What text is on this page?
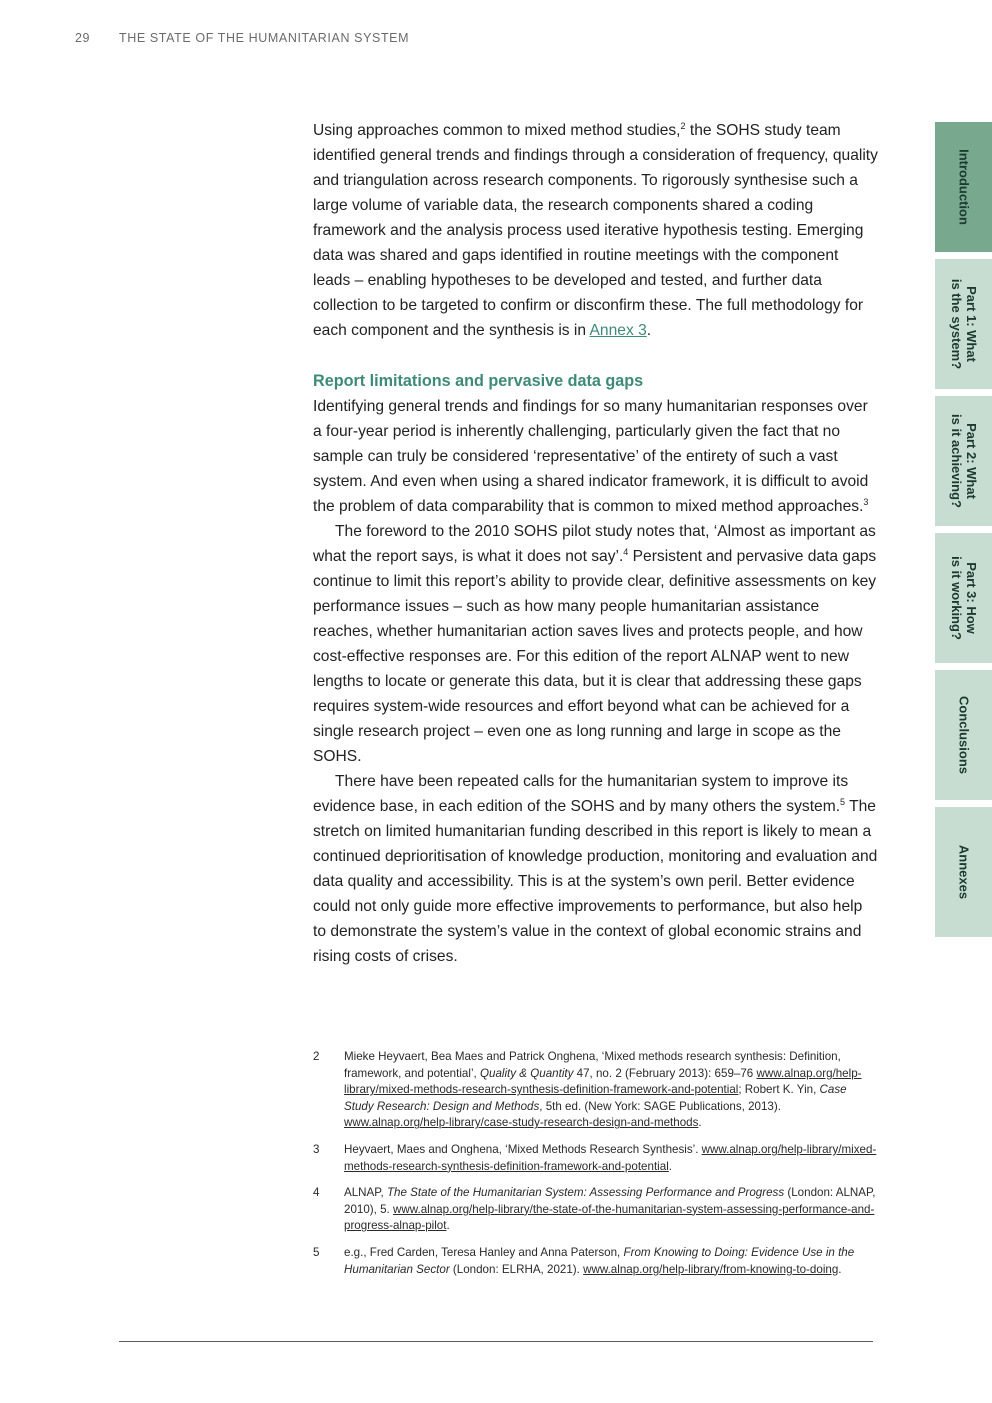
29 THE STATE OF THE HUMANITARIAN SYSTEM

Using approaches common to mixed method studies,$^2$ the SOHS study team identified general trends and findings through a consideration of frequency, quality and triangulation across research components. To rigorously synthesise such a large volume of variable data, the research components shared a coding framework and the analysis process used iterative hypothesis testing. Emerging data was shared and gaps identified in routine meetings with the component leads – enabling hypotheses to be developed and tested, and further data collection to be targeted to confirm or disconfirm these. The full methodology for each component and the synthesis is in Annex 3.

Report limitations and pervasive data gaps

Identifying general trends and findings for so many humanitarian responses over a four-year period is inherently challenging, particularly given the fact that no sample can truly be considered ‘representative’ of the entirety of such a vast system. And even when using a shared indicator framework, it is difficult to avoid the problem of data comparability that is common to mixed method approaches.$^3$

The foreword to the 2010 SOHS pilot study notes that, ‘Almost as important as what the report says, is what it does not say’.$^4$ Persistent and pervasive data gaps continue to limit this report’s ability to provide clear, definitive assessments on key performance issues – such as how many people humanitarian assistance reaches, whether humanitarian action saves lives and protects people, and how cost-effective responses are. For this edition of the report ALNAP went to new lengths to locate or generate this data, but it is clear that addressing these gaps requires system-wide resources and effort beyond what can be achieved for a single research project – even one as long running and large in scope as the SOHS.

There have been repeated calls for the humanitarian system to improve its evidence base, in each edition of the SOHS and by many others the system.$^5$ The stretch on limited humanitarian funding described in this report is likely to mean a continued deprioritisation of knowledge production, monitoring and evaluation and data quality and accessibility. This is at the system’s own peril. Better evidence could not only guide more effective improvements to performance, but also help to demonstrate the system’s value in the context of global economic strains and rising costs of crises.

2	Mieke Heyvaert, Bea Maes and Patrick Onghena, ‘Mixed methods research synthesis: Definition, framework, and potential’, Quality & Quantity 47, no. 2 (February 2013): 659–76 www.alnap.org/help-library/mixed-methods-research-synthesis-definition-framework-and-potential; Robert K. Yin, Case Study Research: Design and Methods, 5th ed. (New York: SAGE Publications, 2013). www.alnap.org/help-library/case-study-research-design-and-methods.
3	Heyvaert, Maes and Onghena, ‘Mixed Methods Research Synthesis’. www.alnap.org/help-library/mixed-methods-research-synthesis-definition-framework-and-potential.
4	ALNAP, The State of the Humanitarian System: Assessing Performance and Progress (London: ALNAP, 2010), 5. www.alnap.org/help-library/the-state-of-the-humanitarian-system-assessing-performance-and-progress-alnap-pilot.
5	e.g., Fred Carden, Teresa Hanley and Anna Paterson, From Knowing to Doing: Evidence Use in the Humanitarian Sector (London: ELRHA, 2021). www.alnap.org/help-library/from-knowing-to-doing.
Introduction
Part 1: What
is the system?
Part 2: What
is it achieving?
Part 3: How
is it working?
Conclusions
Annexes
